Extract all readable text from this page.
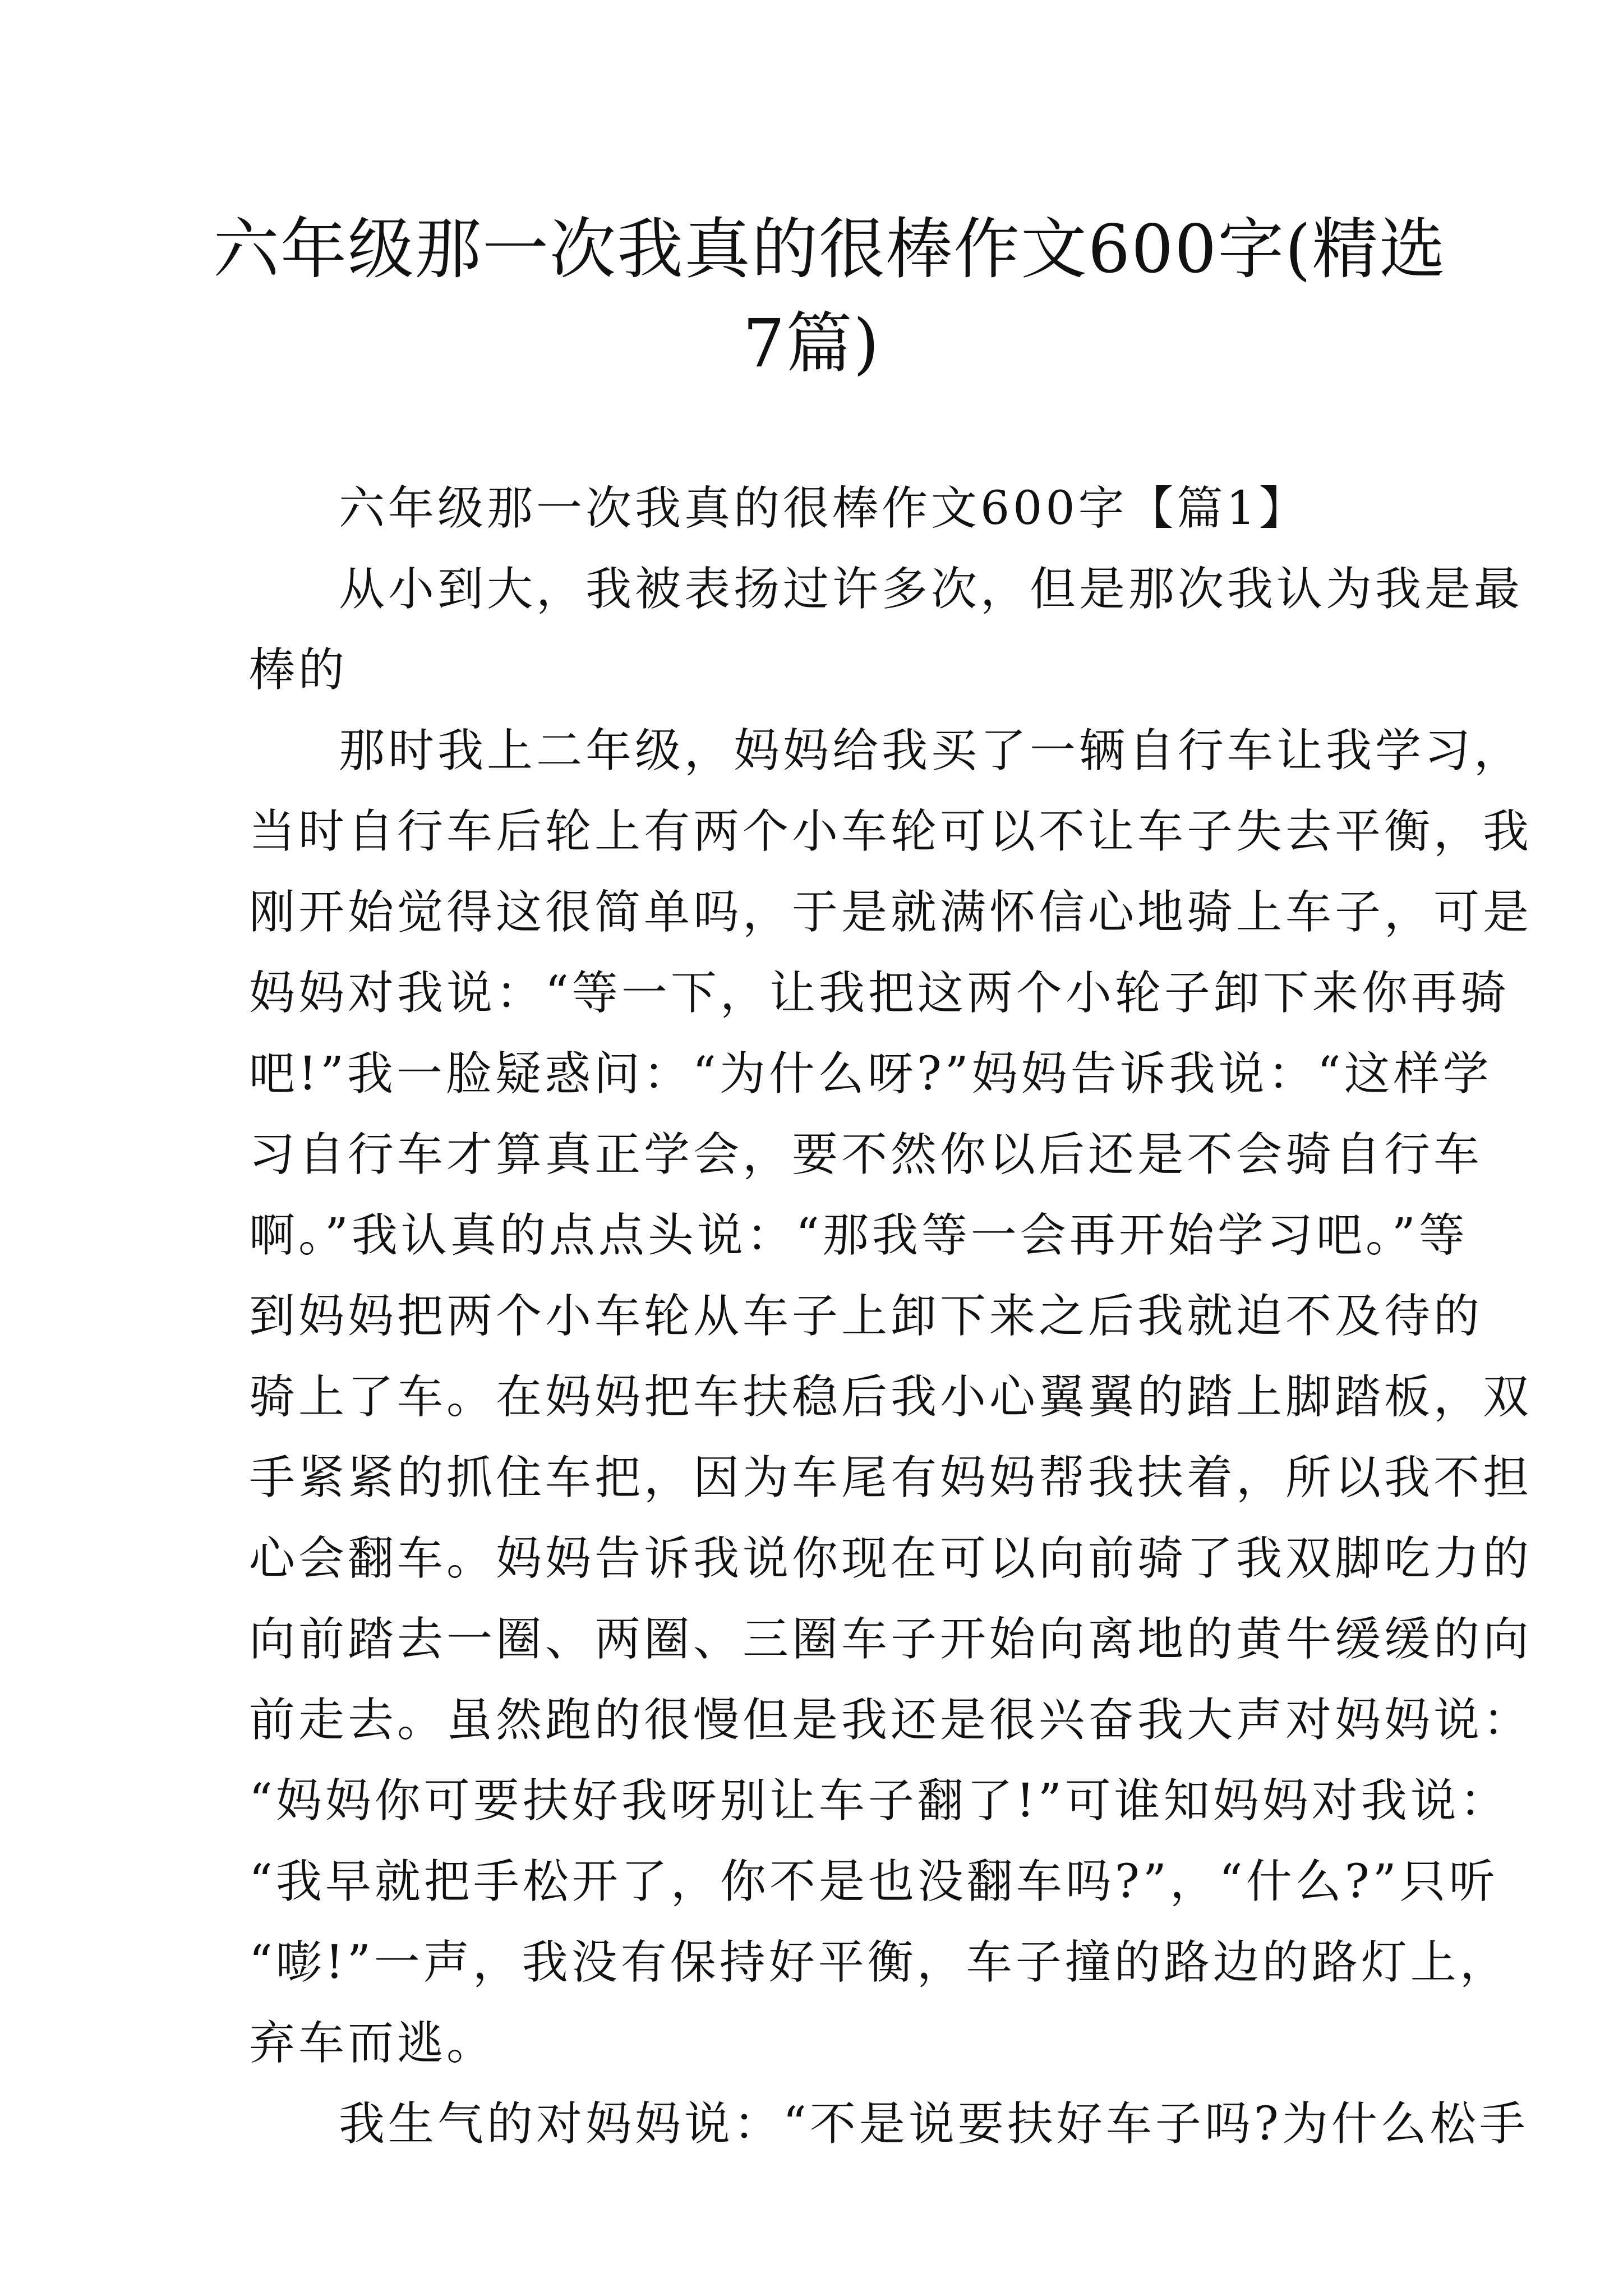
六年级那一次我真的很棒作文600字(精选
7篇)
六年级那一次我真的很棒作文600字【篇1】
从小到大，我被表扬过许多次，但是那次我认为我是最
棒的
那时我上二年级，妈妈给我买了一辆自行车让我学习，
当时自行车后轮上有两个小车轮可以不让车子失去平衡，我
刚开始觉得这很简单吗，于是就满怀信心地骑上车子，可是
妈妈对我说：“等一下，让我把这两个小轮子卸下来你再骑
吧!”我一脸疑惑问：“为什么呀?”妈妈告诉我说：“这样学
习自行车才算真正学会，要不然你以后还是不会骑自行车
啊。”我认真的点点头说：“那我等一会再开始学习吧。”等
到妈妈把两个小车轮从车子上卸下来之后我就迫不及待的
骑上了车。在妈妈把车扶稳后我小心翼翼的踏上脚踏板，双
手紧紧的抓住车把，因为车尾有妈妈帮我扶着，所以我不担
心会翻车。妈妈告诉我说你现在可以向前骑了我双脚吃力的
向前踏去一圈、两圈、三圈车子开始向离地的黄牛缓缓的向
前走去。虽然跑的很慢但是我还是很兴奋我大声对妈妈说：
“妈妈你可要扶好我呀别让车子翻了!”可谁知妈妈对我说：
“我早就把手松开了，你不是也没翻车吗?”，“什么?”只听
“嘭!”一声，我没有保持好平衡，车子撞的路边的路灯上，
弃车而逃。
我生气的对妈妈说：“不是说要扶好车子吗?为什么松手
